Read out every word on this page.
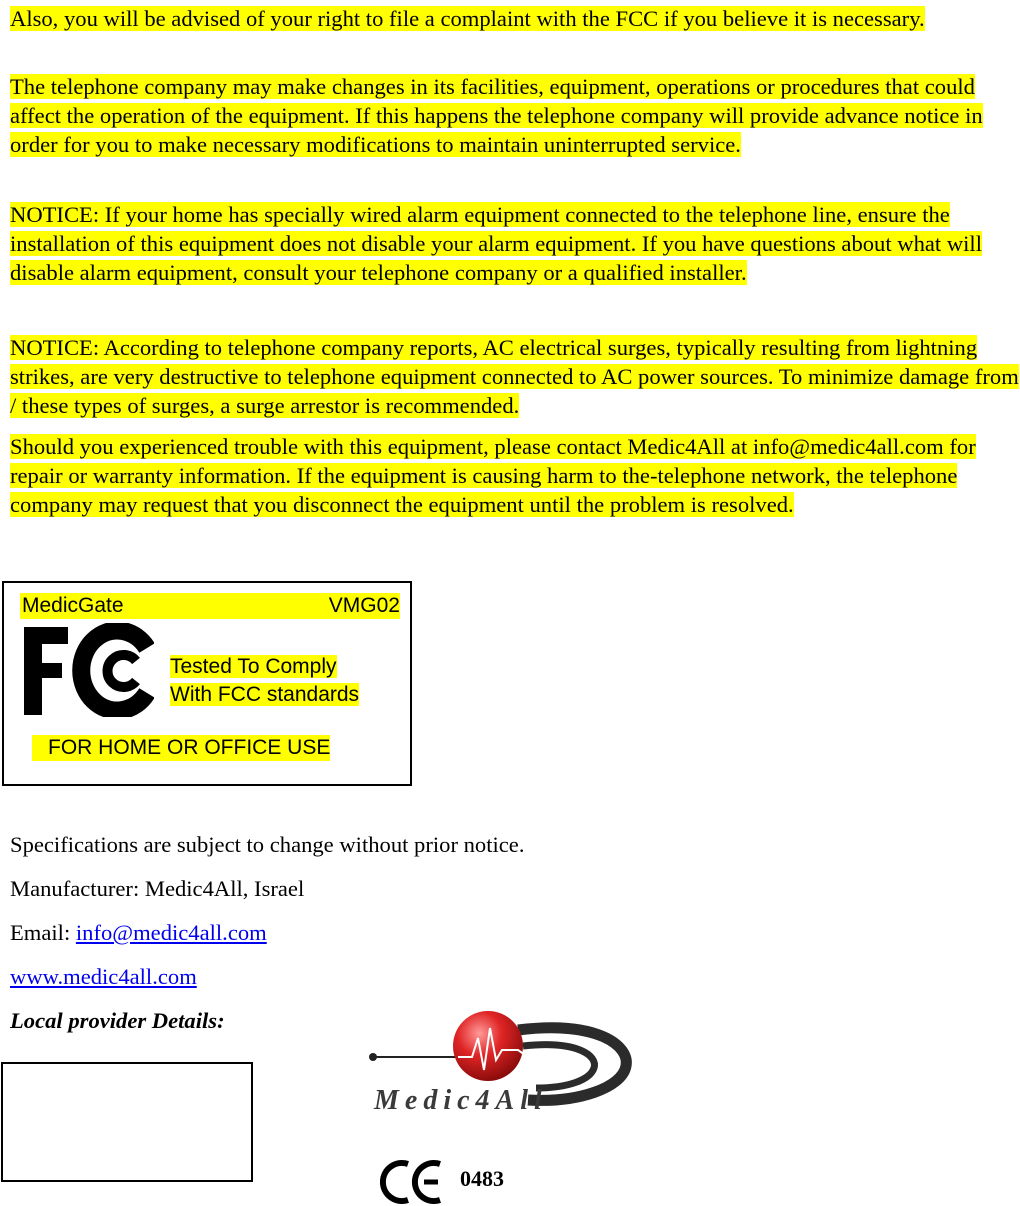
Also, you will be advised of your right to file a complaint with the FCC if you believe it is necessary.

The telephone company may make changes in its facilities, equipment, operations or procedures that could affect the operation of the equipment. If this happens the telephone company will provide advance notice in order for you to make necessary modifications to maintain uninterrupted service.

NOTICE: If your home has specially wired alarm equipment connected to the telephone line, ensure the installation of this equipment does not disable your alarm equipment. If you have questions about what will disable alarm equipment, consult your telephone company or a qualified installer.

NOTICE: According to telephone company reports, AC electrical surges, typically resulting from lightning strikes, are very destructive to telephone equipment connected to AC power sources. To minimize damage from / these types of surges, a surge arrestor is recommended.

Should you experienced trouble with this equipment, please contact Medic4All at info@medic4all.com for repair or warranty information. If the equipment is causing harm to the-telephone network, the telephone company may request that you disconnect the equipment until the problem is resolved.

MedicGate	VMG02
Tested To Comply
With FCC standards
FOR HOME OR OFFICE USE

Specifications are subject to change without prior notice.

Manufacturer: Medic4All, Israel

Email: info@medic4all.com

www.medic4all.com

Local provider Details:

Medic4All
0483
